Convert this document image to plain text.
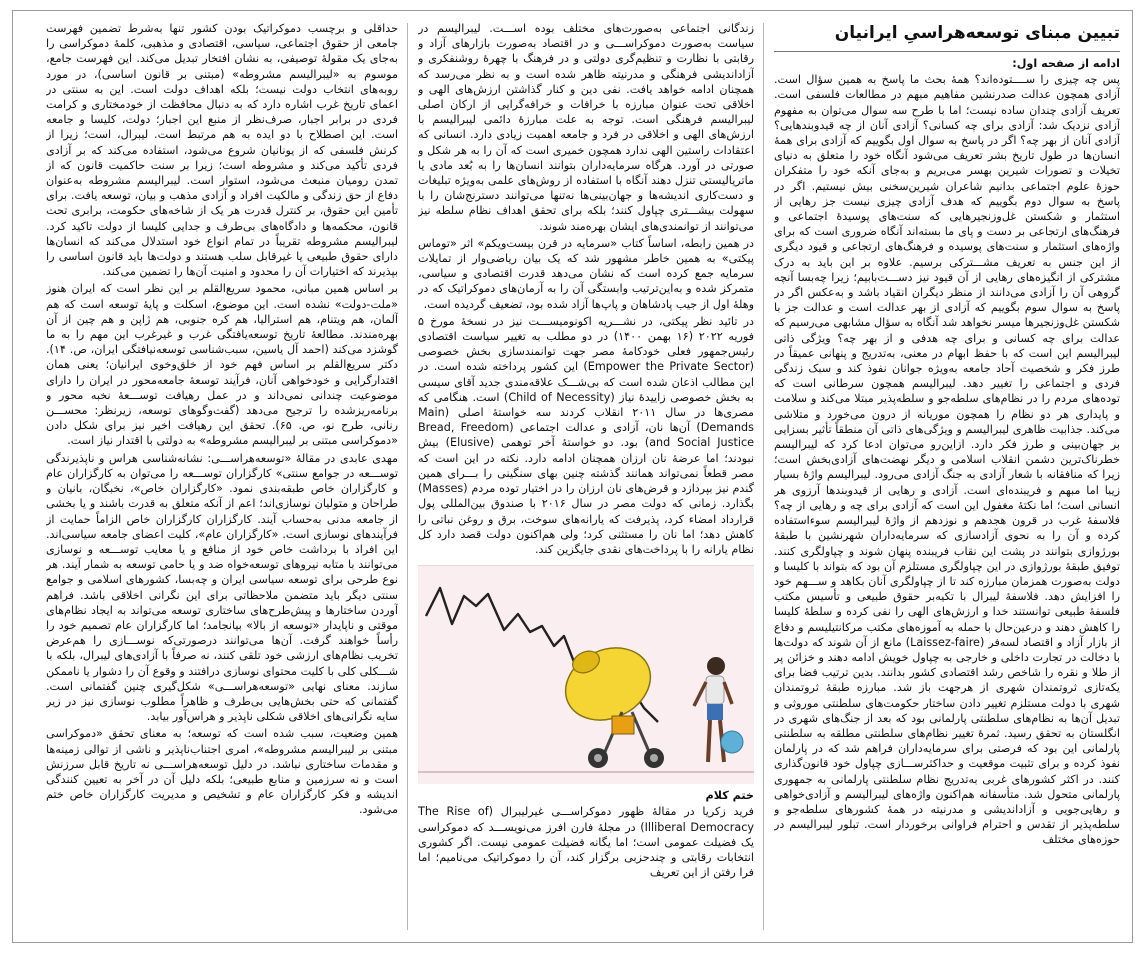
تبیین مبنای توسعه‌هراسیِ ایرانیان
ادامه از صفحه اول:

پس چه چیزی را ســــتوده‌اند؟ همهٔ بحث ما پاسخ به همین سؤال است. آزادی همچون عدالت صدرنشین مفاهیم مبهم در مطالعات فلسفی است. تعریف آزادی چندان ساده نیست؛ اما با طرح سه سوال می‌توان به مفهوم آزادی نزدیک شد: آزادی برای چه کسانی؟ آزادی آنان از چه قیدوبندهایی؟ آزادی آنان از بهر چه؟ اگر در پاسخ به سوال اول بگوییم که آزادی برای همهٔ انسان‌ها در طول تاریخ بشر تعریف می‌شود آنگاه خود را متعلق به دنیای تخیلات و تصورات شیرین بهسر می‌بریم و به‌جای آنکه خود را متفکران حوزهٔ علوم اجتماعی بدانیم شاعران شیرین‌سخنی بیش نیستیم. اگر در پاسخ به سوال دوم بگوییم که هدف آزادی چیزی نیست جز رهایی از استثمار و شکستن غل‌وزنجیرهایی که سنت‌های پوسیدهٔ اجتماعی و فرهنگ‌های ارتجاعی بر دست و پای ما بسته‌اند آنگاه ضروری است که برای واژه‌های استثمار و سنت‌های پوسیده و فرهنگ‌های ارتجاعی و قیود دیگری از این جنس به تعریف مشـــترکی برسیم. علاوه بر این باید به درک مشترکی از انگیزه‌های رهایی از آن قیود نیز دســـت‌بابیم؛ زیرا چه‌بسا آنچه گروهی آن را آزادی می‌دانند از منظر دیگران انقیاد باشد و به‌عکس اگر در پاسخ به سوال سوم بگوییم که آزادی از بهر عدالت است و عدالت جز با شکستن غل‌وزنجیرها میسر نخواهد شد آنگاه به سؤال مشابهی می‌رسیم که عدالت برای چه کسانی و برای چه هدفی و از بهر چه؟ ویژگی ذاتی لیبرالیسم این است که با حفظ ابهام در معنی، به‌تدریج و پنهانی عمیقاً در طرز فکر و شخصیت آحاد جامعه به‌ویژه جوانان نفوذ کند و سبک زندگی فردی و اجتماعی را تغییر دهد. لیبرالیسم همچون سرطانی است که توده‌های مردم را در نظام‌های سلطه‌جو و سلطه‌پذیر مبتلا می‌کند و سلامت و پایداری هر دو نظام را همچون موریانه از درون می‌خورد و متلاشی می‌کند. جذابیت ظاهری لیبرالیسم و ویژگی‌های ذاتی آن منطقاً تأثیر بسزایی بر جهان‌بینی و طرز فکر دارد. ازاین‌رو می‌توان ادعا کرد که لیبرالیسم خطرناک‌ترین دشمن انقلاب اسلامی و دیگر نهضت‌های آزادی‌بخش است؛ زیرا که منافقانه با شعار آزادی به جنگ آزادی می‌رود. لیبرالیسم واژهٔ بسیار زیبا اما مبهم و فریبنده‌ای است. آزادی و رهایی از قیدوبندها آرزوی هر انسانی است؛ اما نکتهٔ مغفول این است که آزادی برای چه و رهایی از چه؟ فلاسفهٔ غرب در قرون هجدهم و نوزدهم از واژهٔ لیبرالیسم سوءاستفاده کرده و آن را به نحوی آزادسازی که سرمایه‌داران شهرنشین با طبقهٔ بورژوازی بتوانند در پشت این نقاب فریبنده پنهان شوند و چپاولگری کنند. توفیق طبقهٔ بورژوازی در این چپاولگری مستلزم آن بود که بتواند با کلیسا و دولت به‌صورت همزمان مبارزه کند تا از چپاولگری آنان بکاهد و ســـهم خود را افزایش دهد. فلاسفهٔ لیبرال با تکیه‌بر حقوق طبیعی و تأسیس مکتب فلسفهٔ طبیعی توانستند خدا و ارزش‌های الهی را نفی کرده و سلطهٔ کلیسا را کاهش دهند و درعین‌حال با حمله به آموزه‌های مکتب مرکانتیلیسم و دفاع از بازار آزاد و اقتصاد لسه‌فر (Laissez-faire) مانع از آن شوند که دولت‌ها با دخالت در تجارت داخلی و خارجی به چپاول خویش ادامه دهند و خزائن پر از طلا و نقره را شاخص رشد اقتصادی کشور بدانند. بدین ترتیب فضا برای یکه‌تازی ثروتمندان شهری از هرجهت باز شد. مبارزه طبقهٔ ثروتمندان شهری با دولت مستلزم تغییر دادن ساختار حکومت‌های سلطنتی موروثی و تبدیل آن‌ها به نظام‌های سلطنتی پارلمانی بود که بعد از جنگ‌های شهری در انگلستان به تحقق رسید. ثمرهٔ تغییر نظام‌های سلطنتی مطلقه به سلطنتی پارلمانی این بود که فرصتی برای سرمایه‌داران فراهم شد که در پارلمان نفوذ کرده و برای تثبیت موقعیت و حداکثرســـازی چپاول خود قانون‌گذاری کنند. در اکثر کشورهای غربی به‌تدریج نظام سلطنتی پارلمانی به جمهوری پارلمانی متحول شد. متأسفانه هم‌اکنون واژه‌های لیبرالیسم و آزادی‌خواهی و رهایی‌جویی و آزاداندیشی و مدرنیته در همهٔ کشورهای سلطه‌جو و سلطه‌پذیر از تقدس و احترام فراوانی برخوردار است. تبلور لیبرالیسم در حوزه‌های مختلف

زندگانی اجتماعی به‌صورت‌های مختلف بوده اســـت. لیبرالیسم در سیاست به‌صورت دموکراســـی و در اقتصاد به‌صورت بازارهای آزاد و رقابتی با نظارت و تنظیم‌گری دولتی و در فرهنگ با چهرهٔ روشنفکری و آزاداندیشی فرهنگی و مدرنیته ظاهر شده است و به نظر می‌رسد که همچنان ادامه خواهد یافت. نفی دین و کنار گذاشتن ارزش‌های الهی و اخلاقی تحت عنوان مبارزه با خرافات و خرافه‌گرایی از ارکان اصلی لیبرالیسم فرهنگی است. توجه به علت مبارزهٔ دائمی لیبرالیسم با ارزش‌های الهی و اخلاقی در فرد و جامعه اهمیت زیادی دارد. انسانی که اعتقادات راستین الهی ندارد همچون خمیری است که آن را به هر شکل و صورتی در آورد. هرگاه سرمایه‌داران بتوانند انسان‌ها را به بُعد مادی یا ماتریالیستی تنزل دهند آنگاه با استفاده از روش‌های علمی به‌ویژه تبلیغات و دست‌کاری اندیشه‌ها و جهان‌بینی‌ها نه‌تنها می‌توانند دسترنج‌شان را با سهولت بیشـــتری چپاول کنند؛ بلکه برای تحقق اهداف نظام سلطه نیز می‌توانند از توانمندی‌های ایشان بهره‌مند شوند.

در همین رابطه، اساساً کتاب «سرمایه در قرن بیست‌و‌یکم» اثر «توماس پیکتی» به همین خاطر مشهور شد که یک بیان ریاضی‌وار از تمایلات سرمایه جمع کرده است که نشان می‌دهد قدرت اقتصادی و سیاسی، متمرکز شده و به‌این‌ترتیب وابستگی آن را به آرمان‌های دموکراتیک که در وهلهٔ اول از جیب پادشاهان و پاپ‌ها آزاد شده بود، تضعیف گردیده است.

در تائید نظر پیکتی، در نشـــریه اکونومیســـت نیز در نسخهٔ مورخ ۵ فوریه ۲۰۲۲ (۱۶ بهمن ۱۴۰۰) در دو مطلب به تغییر سیاست اقتصادی رئیس‌جمهور فعلی خودکامهٔ مصر جهت توانمندسازی بخش خصوصی (Empower the Private Sector) این کشور پرداخته شده است. در این مطالب اذعان شده است که بی‌شـــک علاقه‌مندی جدید آقای سیسی به بخش خصوصی زاییدهٔ نیاز (Child of Necessity) است. هنگامی که مصری‌ها در سال ۲۰۱۱ انقلاب کردند سه خواستهٔ اصلی (Main Demands) آن‌ها نان، آزادی و عدالت اجتماعی (Bread, Freedom and Social Justice) بود. دو خواستهٔ آخر توهمی (Elusive) بیش نبودند؛ اما عرضهٔ نان ارزان همچنان ادامه دارد. نکته در این است که مصر قطعاً نمی‌تواند همانند گذشته چنین بهای سنگینی را بـــرای همین گندم نیز بپردازد و قرض‌های نان ارزان را در اختیار توده مردم (Masses) بگذارد. زمانی که دولت مصر در سال ۲۰۱۶ با صندوق بین‌المللی پول قرارداد امضاء کرد، پذیرفت که یارانه‌های سوخت، برق و روغن نباتی را کاهش دهد؛ اما نان را مستثنی کرد؛ ولی هم‌اکنون دولت قصد دارد کل نظام یارانه را با پرداخت‌های نقدی جایگزین کند.

ختم کلام

فرید زکریا در مقالهٔ ظهور دموکراســـی غیرلیبرال (The Rise of Illiberal Democracy) در مجلهٔ فارن افرز می‌نویســـد که دموکراسی یک فضیلت عمومی است؛ اما یگانه فضیلت عمومی نیست. اگر کشوری انتخابات رقابتی و چندحزبی برگزار کند، آن را دموکراتیک می‌نامیم؛ اما فرا رفتن از این تعریف

حداقلی و برچسب دموکراتیک بودن کشور تنها به‌شرط تضمین فهرست جامعی از حقوق اجتماعی، سیاسی، اقتصادی و مذهبی، کلمهٔ دموکراسی را به‌جای یک مقولهٔ توصیفی، به نشان افتخار تبدیل می‌کند. این فهرست جامع، موسوم به «لیبرالیسم مشروطه» (مبتنی بر قانون اساسی)، در مورد روبه‌های انتخاب دولت نیست؛ بلکه اهداف دولت است. این به سنتی در اعمای تاریخ غرب اشاره دارد که به دنبال محافظت از خودمختاری و کرامت فردی در برابر اجبار، صرف‌نظر از منبع این اجبار؛ دولت، کلیسا و جامعه است. این اصطلاح با دو ایده به هم مرتبط است. لیبرال، است؛ زیرا از کرنش فلسفی که از یونانیان شروع می‌شود، استفاده می‌کند که بر آزادی فردی تأکید می‌کند و مشروطه است؛ زیرا بر سنت حاکمیت قانون که از تمدن رومیان منبعث می‌شود، استوار است. لیبرالیسم مشروطه به‌عنوان دفاع از حق زندگی و مالکیت افراد و آزادی مذهب و بیان، توسعه یافت. برای تأمین این حقوق، بر کنترل قدرت هر یک از شاخه‌های حکومت، برابری تحت قانون، محکمه‌ها و دادگاه‌های بی‌طرف و جدایی کلیسا از دولت تاکید کرد. لیبرالیسم مشروطه تقریباً در تمام انواع خود استدلال می‌کند که انسان‌ها دارای حقوق طبیعی یا غیرقابل سلب هستند و دولت‌ها باید قانون اساسی را بپذیرند که اختیارات آن را محدود و امنیت آن‌ها را تضمین می‌کند.

بر اساس همین مبانی، محمود سریع‌القلم بر این نظر است که ایران هنوز «ملت-دولت» نشده است. این موضوع، اسکلت و پایهٔ توسعه است که هم آلمان، هم ویتنام، هم استرالیا، هم کره جنوبی، هم ژاپن و هم چین از آن بهره‌مندند. مطالعهٔ تاریخ توسعه‌یافتگی غرب و غیرغرب این مهم را به ما گوشزد می‌کند (احمد آل یاسین، سبب‌شناسی توسعه‌نیافتگی ایران، ص. ۱۴). دکتر سریع‌القلم بر اساس فهم خود از خلق‌وخوی ایرانیان؛ یعنی همان اقتدارگرایی و خودخواهی آنان، فرآیند توسعهٔ جامعه‌محور در ایران را دارای موضوعیت چندانی نمی‌داند و در عمل رهیافت توســـعهٔ نخبه محور و برنامه‌ریزشده را ترجیح می‌دهد (گفت‌وگوهای توسعه، زیرنظر: محســـن رنانی، طرح نو، ص. ۶۵). تحقق این رهیافت اخیر نیز برای شکل دادن «دموکراسی مبتنی بر لیبرالیسم مشروطه» به دولتی با اقتدار نیاز است.

مهدی عابدی در مقالهٔ «توسعه‌هراســـی: نشانه‌شناسی هراس و ناپذیرندگی توســـعه در جوامع سنتی» کارگزاران توســـعه را می‌توان به کارگزاران عام و کارگزاران خاص طبقه‌بندی نمود. «کارگزاران خاص»، نخبگان، بانیان و طراحان و متولیان نوسازی‌اند؛ اعم از آنکه متعلق به قدرت باشند و یا بخشی از جامعه مدنی به‌حساب آیند. کارگزاران کارگزاران خاص الزاماً حمایت از فرآیندهای نوسازی است. «کارگزاران عام»، کلیت اعضای جامعه سیاسی‌اند. این افراد با برداشت خاص خود از منافع و یا معایب توســـعه و نوسازی می‌توانند با متابه نیروهای توسعه‌خواه ضد و یا حامی توسعه به شمار آیند. هر نوع طرحی برای توسعه سیاسی ایران و چه‌بسا، کشورهای اسلامی و جوامع سنتی دیگر باید متضمن ملاحظاتی برای این نگرانی اخلاقی باشد. فراهم آوردن ساختارها و پیش‌طرح‌های ساختاری توسعه می‌تواند به ایجاد نظام‌های موقتی و ناپایدار «توسعه از بالا» بیانجامد؛ اما کارگزاران عام تصمیم خود را رأساً خواهند گرفت. آن‌ها می‌توانند درصورتی‌که نوســـازی را هم‌عرض تخریب نظام‌های ارزشی خود تلقی کنند، نه صرفاً با آزادی‌های لیبرال، بلکه با شـــکلی کلی با کلیت محتوای نوسازی درافتند و وقوع آن را دشوار یا ناممکن سازند. معنای نهایی «توسعه‌هراســـی» شکل‌گیری چنین گفتمانی است. گفتمانی که حتی بخش‌هایی بی‌طرف و ظاهراً مطلوب نوسازی نیز در زیر سایه نگرانی‌های اخلاقی شکلی ناپذیر و هراس‌آور بیابد.

همین وضعیت، سبب شده است که توسعه؛ به معنای تحقق «دموکراسی مبتنی بر لیبرالیسم مشروطه»، امری اجتناب‌ناپذیر و ناشی از توالی زمینه‌ها و مقدمات ساختاری نباشد. در دلیل توسعه‌هراســـی نه تاریخ قابل سرزنش است و نه سرزمین و منابع طبیعی؛ بلکه دلیل آن در آخر به تعیین کنندگی اندیشه و فکر کارگزاران عام و تشخیص و مدیریت کارگزاران خاص ختم می‌شود.
